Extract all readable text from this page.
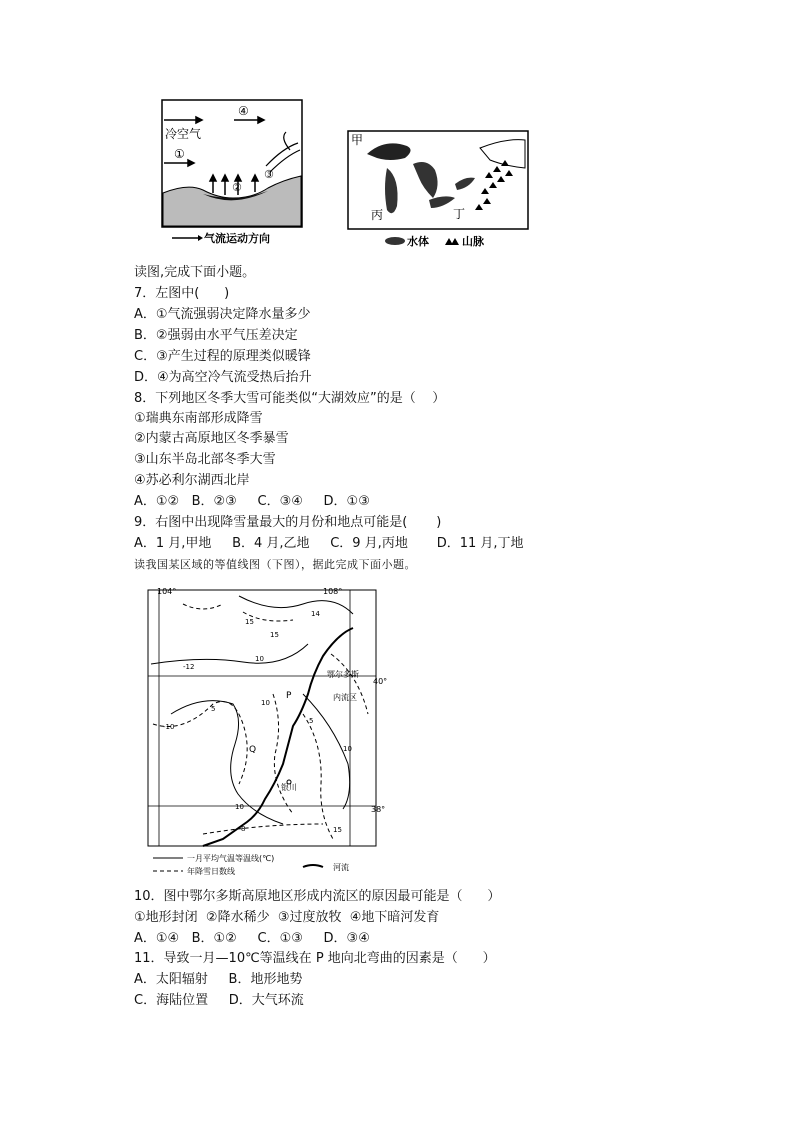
④
冷空气
①
②
③
气流运动方向
甲
丙	丁
水体	山脉
读图,完成下面小题。
7．左图中(      )
A．①气流强弱决定降水量多少
B．②强弱由水平气压差决定
C．③产生过程的原理类似暖锋
D．④为高空冷气流受热后抬升
8．下列地区冬季大雪可能类似“大湖效应”的是（    ）
①瑞典东南部形成降雪
②内蒙古高原地区冬季暴雪
③山东半岛北部冬季大雪
④苏必利尔湖西北岸
A．①②   B．②③     C．③④     D．①③
9．右图中出现降雪量最大的月份和地点可能是(       )
A．1 月,甲地     B．4 月,乙地     C．9 月,丙地       D．11 月,丁地
读我国某区域的等值线图（下图），据此完成下面小题。
104°	108°
40°
38°
鄂尔多斯
内流区
P
Q
银川
15
14
15
10
-12
10
5
10
-10
5
10
8	15
一月平均气温等温线(℃)
年降雪日数线	河流
10．图中鄂尔多斯高原地区形成内流区的原因最可能是（      ）
①地形封闭  ②降水稀少  ③过度放牧  ④地下暗河发育
A．①④   B．①②     C．①③     D．③④
11．导致一月—10℃等温线在 P 地向北弯曲的因素是（      ）
A．太阳辐射     B．地形地势
C．海陆位置     D．大气环流
